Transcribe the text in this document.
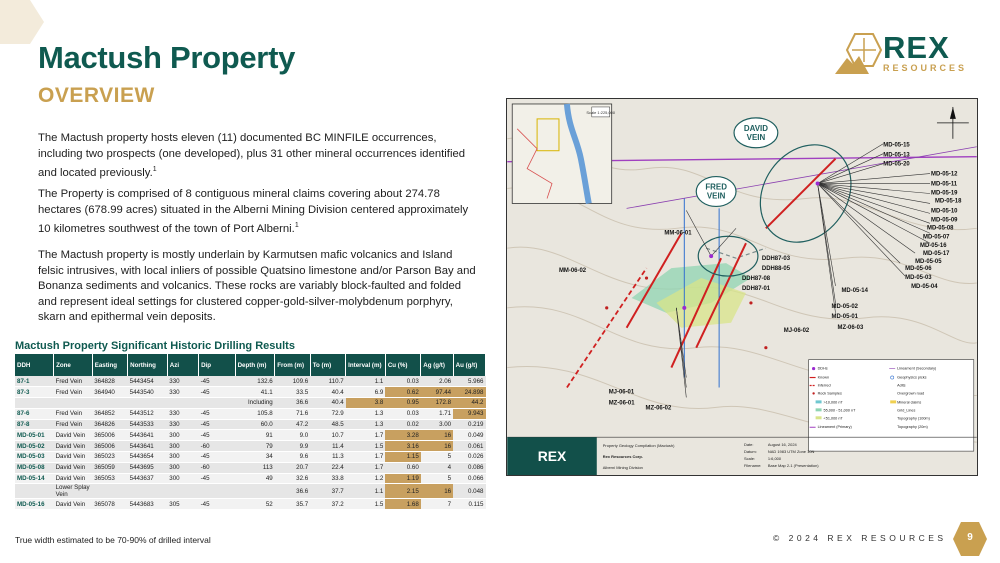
Mactush Property
OVERVIEW
REX
RESOURCES
The Mactush property hosts eleven (11) documented BC MINFILE occurrences, including two prospects (one developed), plus 31 other mineral occurrences identified and located previously.$^1$
The Property is comprised of 8 contiguous mineral claims covering about 274.78 hectares (678.99 acres) situated in the Alberni Mining Division centered approximately 10 kilometres southwest of the town of Port Alberni.$^1$
The Mactush property is mostly underlain by Karmutsen mafic volcanics and Island felsic intrusives, with local inliers of possible Quatsino limestone and/or Parson Bay and Bonanza sediments and volcanics. These rocks are variably block-faulted and folded and represent ideal settings for clustered copper-gold-silver-molybdenum porphyry, skarn and epithermal vein deposits.
Mactush Property Significant Historic Drilling Results
DDH	Zone	Easting	Northing	Azi	Dip	Depth (m)	From (m)	To (m)	Interval (m)	Cu (%)	Ag (g/t)	Au (g/t)
87-1	Fred Vein	364828	5443454	330	-45	132.6	109.6	110.7	1.1	0.03	2.06	5.966
87-3	Fred Vein	364940	5443540	330	-45	41.1	33.5	40.4	6.9	0.62	97.44	24.898
						Including	36.6	40.4	3.8	0.95	172.8	44.2
87-6	Fred Vein	364852	5443512	330	-45	105.8	71.6	72.9	1.3	0.03	1.71	9.943
87-8	Fred Vein	364826	5443533	330	-45	60.0	47.2	48.5	1.3	0.02	3.00	0.219
MD-05-01	David Vein	365006	5443641	300	-45	91	9.0	10.7	1.7	3.28	16	0.049
MD-05-02	David Vein	365006	5443641	300	-60	79	9.9	11.4	1.5	3.16	16	0.061
MD-05-03	David Vein	365023	5443654	300	-45	34	9.6	11.3	1.7	1.15	5	0.026
MD-05-08	David Vein	365059	5443695	300	-60	113	20.7	22.4	1.7	0.60	4	0.086
MD-05-14	David Vein	365053	5443637	300	-45	49	32.6	33.8	1.2	1.19	5	0.066
	Lower Splay Vein						36.6	37.7	1.1	2.15	16	0.048
MD-05-16	David Vein	365078	5443683	305	-45	52	35.7	37.2	1.5	1.68	7	0.115
True width estimated to be 70-90% of drilled interval
Scale 1:225,000
DAVID VEIN
FRED VEIN
MM-06-01
MM-06-02
DDH87-03
DDH88-05
DDH87-08
DDH87-01
MJ-06-01
MZ-06-01
MZ-06-02
MJ-06-02	MZ-06-03
MD-05-02
MD-05-01
MD-05-14
MD-05-15
MD-05-13
MD-05-20
MD-05-12
MD-05-11
MD-05-19
MD-05-18
MD-05-10
MD-05-09
MD-05-08
MD-05-07
MD-05-16
MD-05-17
MD-05-05
MD-05-06
MD-05-03
MD-05-04
DDHs
Known
Inferred
Rock Samples
>10,000 nT
55,000 - 51,000 nT
<51,000 nT
Lineament (Primary)
Lineament (Secondary)
Geophysics picks
Adits
Overgrown road
Mineral claims
Grid_Lines
Topography (100m)
Topography (20m)
REX
Property Geology Compilation (Mactush)
Rex Resources Corp.
Alberni Mining Division
Date:	August 16, 2024
Datum:	NAD 1983 UTM Zone 10N
Scale:	1:6,000
Filename: Base Map 2-1 (Presentation)
© 2024 REX RESOURCES	9
